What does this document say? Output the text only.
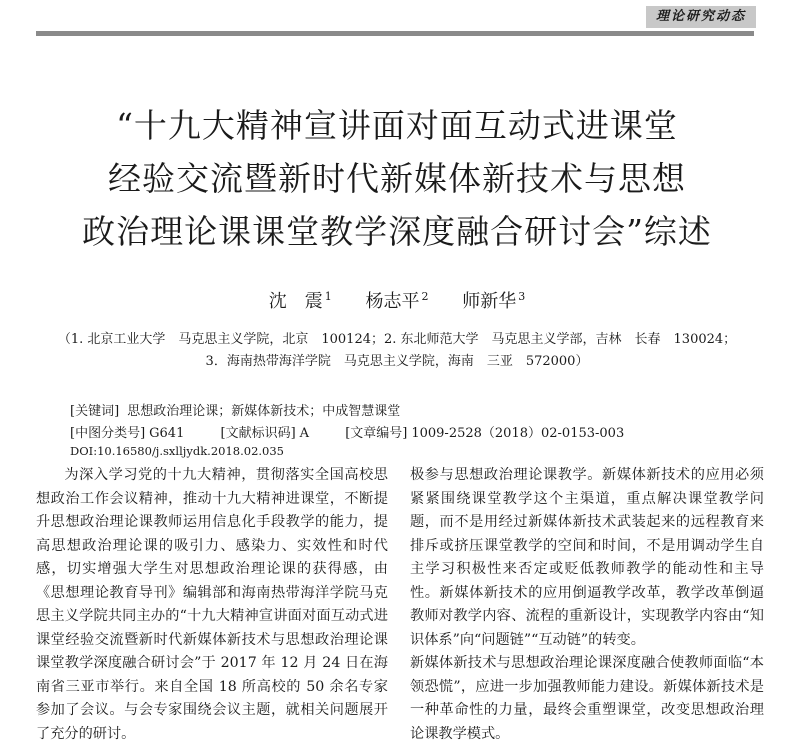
理论研究动态
“十九大精神宣讲面对面互动式进课堂
经验交流暨新时代新媒体新技术与思想
政治理论课课堂教学深度融合研讨会”综述
沈　震 $^1$ 杨志平 $^2$ 师新华 $^3$
（1. 北京工业大学　马克思主义学院，北京　100124；2. 东北师范大学　马克思主义学部，吉林　长春　130024；
3．海南热带海洋学院　马克思主义学院，海南　三亚　572000）
[关键词] 思想政治理论课；新媒体新技术；中成智慧课堂
[中图分类号] G641	[文献标识码] A	[文章编号] 1009-2528（2018）02-0153-003
DOI:10.16580/j.sxlljydk.2018.02.035

为深入学习党的十九大精神，贯彻落实全国高校思想政治工作会议精神，推动十九大精神进课堂，不断提升思想政治理论课教师运用信息化手段教学的能力，提高思想政治理论课的吸引力、感染力、实效性和时代感，切实增强大学生对思想政治理论课的获得感，由《思想理论教育导刊》编辑部和海南热带海洋学院马克思主义学院共同主办的“十九大精神宣讲面对面互动式进课堂经验交流暨新时代新媒体新技术与思想政治理论课课堂教学深度融合研讨会”于 2017 年 12 月 24 日在海南省三亚市举行。来自全国 18 所高校的 50 余名专家参加了会议。与会专家围绕会议主题，就相关问题展开了充分的研讨。

极参与思想政治理论课教学。新媒体新技术的应用必须紧紧围绕课堂教学这个主渠道，重点解决课堂教学问题，而不是用经过新媒体新技术武装起来的远程教育来排斥或挤压课堂教学的空间和时间，不是用调动学生自主学习积极性来否定或贬低教师教学的能动性和主导性。新媒体新技术的应用倒逼教学改革，教学改革倒逼教师对教学内容、流程的重新设计，实现教学内容由“知识体系”向“问题链”“互动链”的转变。

新媒体新技术与思想政治理论课深度融合使教师面临“本领恐慌”，应进一步加强教师能力建设。新媒体新技术是一种革命性的力量，最终会重塑课堂，改变思想政治理论课教学模式。
